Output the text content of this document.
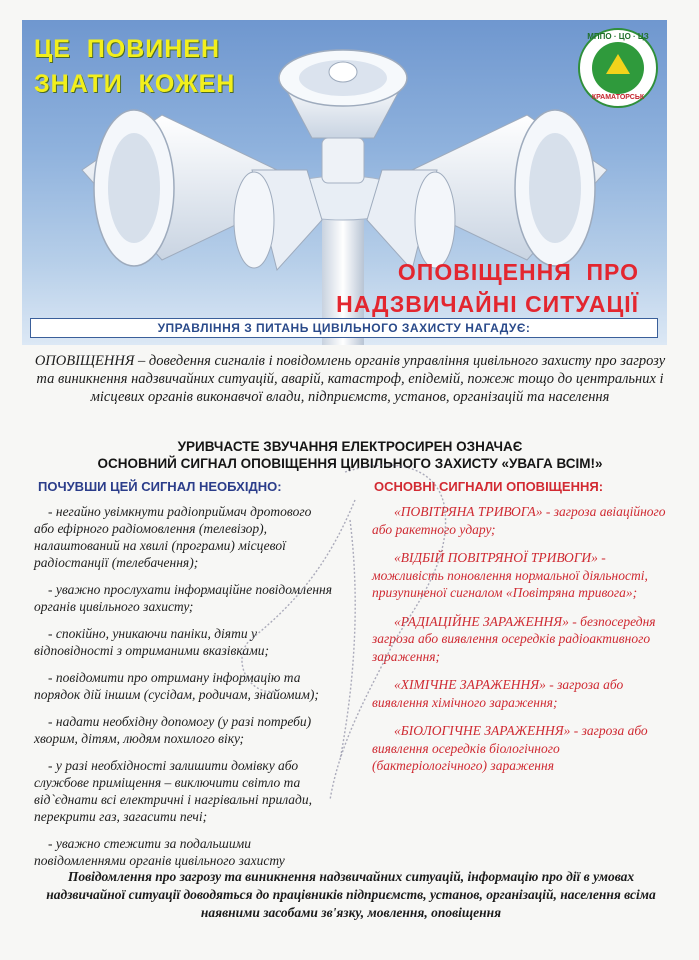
ЦЕ  ПОВИНЕН
ЗНАТИ  КОЖЕН
МППО · ЦО · ЦЗ
КРАМАТОРСЬК
ОПОВІЩЕННЯ  ПРО
НАДЗВИЧАЙНІ СИТУАЦІЇ
УПРАВЛІННЯ З ПИТАНЬ ЦИВІЛЬНОГО ЗАХИСТУ НАГАДУЄ:
ОПОВІЩЕННЯ – доведення сигналів і повідомлень органів управління цивільного захисту про загрозу та виникнення надзвичайних ситуацій, аварій, катастроф, епідемій, пожеж тощо до центральних і місцевих органів виконавчої влади, підприємств, установ, організацій та населення
УРИВЧАСТЕ ЗВУЧАННЯ ЕЛЕКТРОСИРЕН ОЗНАЧАЄ
ОСНОВНИЙ СИГНАЛ ОПОВІЩЕННЯ ЦИВІЛЬНОГО ЗАХИСТУ «УВАГА ВСІМ!»
ПОЧУВШИ ЦЕЙ СИГНАЛ НЕОБХІДНО:
- негайно увімкнути радіоприймач дротового або ефірного радіомовлення (телевізор), налаштований на хвилі (програми) місцевої радіостанції (телебачення);
- уважно прослухати інформаційне повідомлення органів цивільного захисту;
- спокійно, уникаючи паніки, діяти у відповідності з отриманими вказівками;
- повідомити про отриману інформацію та порядок дій іншим (сусідам, родичам, знайомим);
- надати необхідну допомогу (у разі потреби) хворим, дітям, людям похилого віку;
- у разі необхідності залишити домівку або службове приміщення – виключити світло та від`єднати всі електричні і нагрівальні прилади, перекрити газ, загасити печі;
- уважно стежити за подальшими повідомленнями органів цивільного захисту
ОСНОВНІ СИГНАЛИ ОПОВІЩЕННЯ:
«ПОВІТРЯНА ТРИВОГА» - загроза авіаційного або ракетного удару;
«ВІДБІЙ ПОВІТРЯНОЇ ТРИВОГИ» - можливість поновлення нормальної діяльності, призупиненої сигналом «Повітряна тривога»;
«РАДІАЦІЙНЕ ЗАРАЖЕННЯ» - безпосередня загроза або виявлення осередків радіоактивного зараження;
«ХІМІЧНЕ ЗАРАЖЕННЯ» - загроза або виявлення хімічного зараження;
«БІОЛОГІЧНЕ ЗАРАЖЕННЯ» - загроза або виявлення осередків біологічного (бактеріологічного) зараження
Повідомлення про загрозу та виникнення надзвичайних ситуацій, інформацію про дії в умовах надзвичайної ситуації доводяться до працівників підприємств, установ, організацій, населення всіма наявними засобами зв'язку, мовлення, оповіщення
